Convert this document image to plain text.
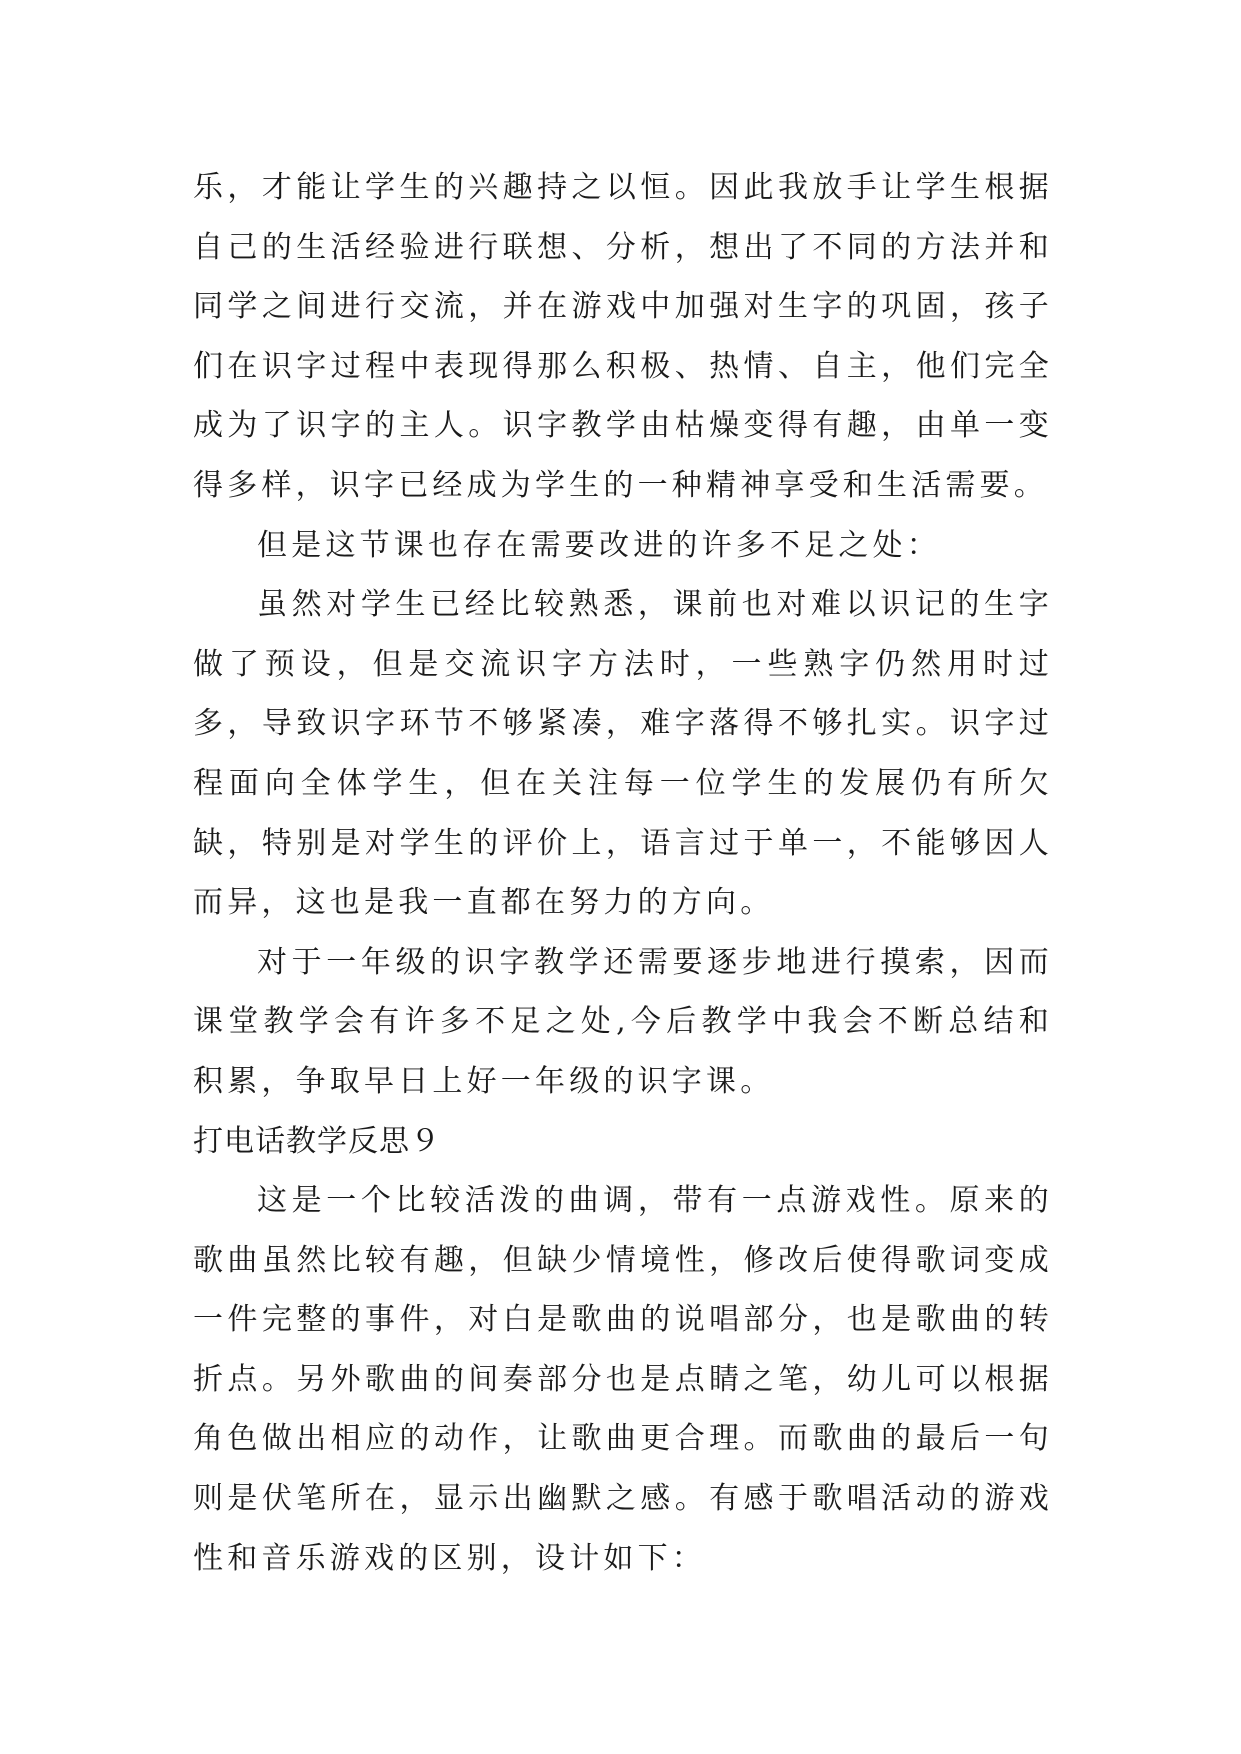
乐，才能让学生的兴趣持之以恒。因此我放手让学生根据自己的生活经验进行联想、分析，想出了不同的方法并和同学之间进行交流，并在游戏中加强对生字的巩固，孩子们在识字过程中表现得那么积极、热情、自主，他们完全成为了识字的主人。识字教学由枯燥变得有趣，由单一变得多样，识字已经成为学生的一种精神享受和生活需要。

但是这节课也存在需要改进的许多不足之处：

虽然对学生已经比较熟悉，课前也对难以识记的生字做了预设，但是交流识字方法时，一些熟字仍然用时过多，导致识字环节不够紧凑，难字落得不够扎实。识字过程面向全体学生，但在关注每一位学生的发展仍有所欠缺，特别是对学生的评价上，语言过于单一，不能够因人而异，这也是我一直都在努力的方向。

对于一年级的识字教学还需要逐步地进行摸索，因而课堂教学会有许多不足之处,今后教学中我会不断总结和积累，争取早日上好一年级的识字课。

打电话教学反思９

这是一个比较活泼的曲调，带有一点游戏性。原来的歌曲虽然比较有趣，但缺少情境性，修改后使得歌词变成一件完整的事件，对白是歌曲的说唱部分，也是歌曲的转折点。另外歌曲的间奏部分也是点睛之笔，幼儿可以根据角色做出相应的动作，让歌曲更合理。而歌曲的最后一句则是伏笔所在，显示出幽默之感。有感于歌唱活动的游戏性和音乐游戏的区别，设计如下：
